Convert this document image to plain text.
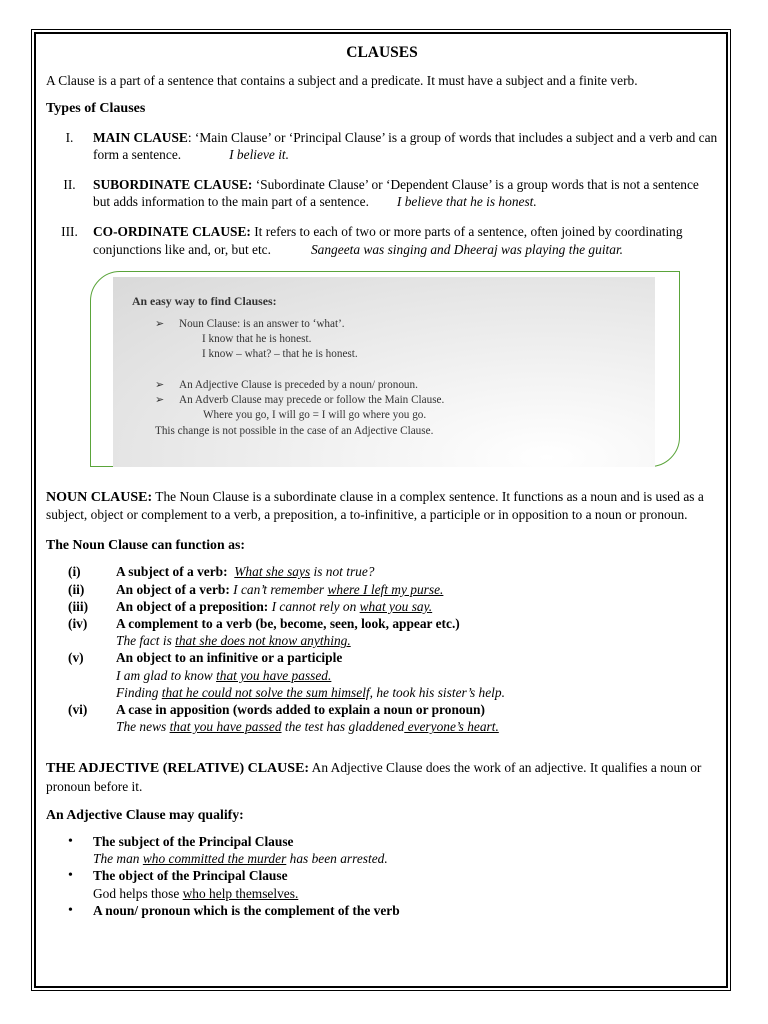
CLAUSES

A Clause is a part of a sentence that contains a subject and a predicate. It must have a subject and a finite verb.

Types of Clauses
I.	MAIN CLAUSE: ‘Main Clause’ or ‘Principal Clause’ is a group of words that includes a subject and a verb and can form a sentence.	I believe it.
II.	SUBORDINATE CLAUSE: ‘Subordinate Clause’ or ‘Dependent Clause’ is a group words that is not a sentence but adds information to the main part of a sentence. I believe that he is honest.
III.	CO-ORDINATE CLAUSE: It refers to each of two or more parts of a sentence, often joined by coordinating conjunctions like and, or, but etc.	Sangeeta was singing and Dheeraj was playing the guitar.
An easy way to find Clauses:
➢	Noun Clause: is an answer to ‘what’.
I know that he is honest.
I know – what? – that he is honest.
➢	An Adjective Clause is preceded by a noun/ pronoun.
➢	An Adverb Clause may precede or follow the Main Clause.
Where you go, I will go = I will go where you go.
This change is not possible in the case of an Adjective Clause.

NOUN CLAUSE: The Noun Clause is a subordinate clause in a complex sentence. It functions as a noun and is used as a subject, object or complement to a verb, a preposition, a to-infinitive, a participle or in opposition to a noun or pronoun.

The Noun Clause can function as:
(i)	A subject of a verb: What she says is not true?
(ii)	An object of a verb: I can’t remember where I left my purse.
(iii)	An object of a preposition: I cannot rely on what you say.
(iv)	A complement to a verb (be, become, seen, look, appear etc.)
The fact is that she does not know anything.
(v)	An object to an infinitive or a participle
I am glad to know that you have passed.
Finding that he could not solve the sum himself, he took his sister’s help.
(vi)	A case in apposition (words added to explain a noun or pronoun)
The news that you have passed the test has gladdened everyone’s heart.

THE ADJECTIVE (RELATIVE) CLAUSE: An Adjective Clause does the work of an adjective. It qualifies a noun or pronoun before it.

An Adjective Clause may qualify:
•	The subject of the Principal Clause
The man who committed the murder has been arrested.
•	The object of the Principal Clause
God helps those who help themselves.
•	A noun/ pronoun which is the complement of the verb
